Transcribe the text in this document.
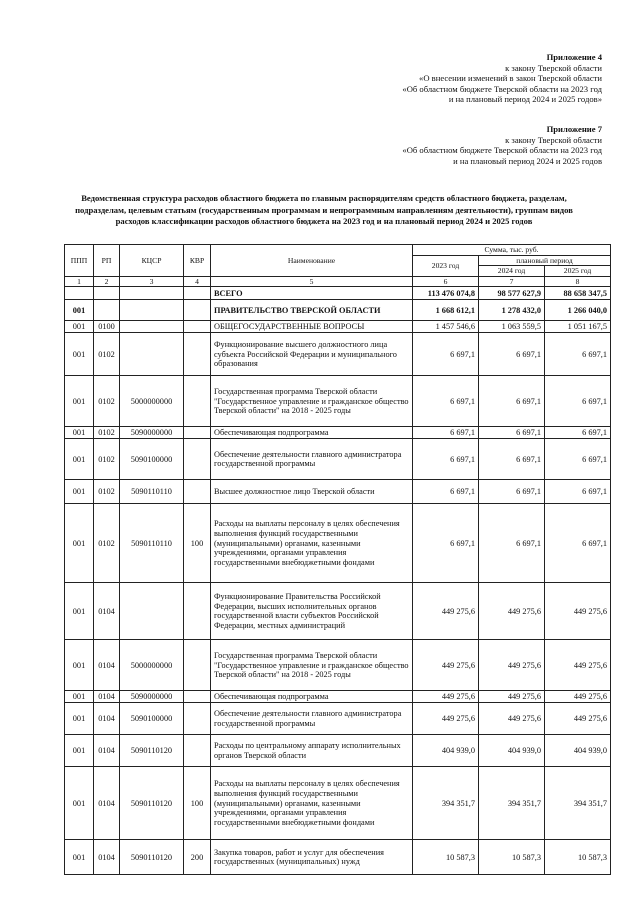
Приложение 4
к закону Тверской области
«О внесении изменений в закон Тверской области
«Об областном бюджете Тверской области на 2023 год
и на плановый период 2024 и 2025 годов»
Приложение 7
к закону Тверской области
«Об областном бюджете Тверской области на 2023 год
и на плановый период 2024 и 2025 годов
Ведомственная структура расходов областного бюджета по главным распорядителям средств областного бюджета, разделам,
подразделам, целевым статьям (государственным программам и непрограммным направлениям деятельности), группам видов
расходов классификации расходов областного бюджета на 2023 год и на плановый период 2024 и 2025 годов
ППП	РП	КЦСР	КВР	Наименование	Сумма, тыс. руб.		
					2023 год	плановый период	
						2024 год	2025 год
1	2	3	4	5	6	7	8
				ВСЕГО	113 476 074,8	98 577 627,9	88 658 347,5
001				ПРАВИТЕЛЬСТВО ТВЕРСКОЙ ОБЛАСТИ	1 668 612,1	1 278 432,0	1 266 040,0
001	0100			ОБЩЕГОСУДАРСТВЕННЫЕ ВОПРОСЫ	1 457 546,6	1 063 559,5	1 051 167,5
001	0102			Функционирование высшего должностного лица субъекта Российской Федерации и муниципального образования	6 697,1	6 697,1	6 697,1
001	0102	5000000000		Государственная программа Тверской области "Государственное управление и гражданское общество Тверской области" на 2018 - 2025 годы	6 697,1	6 697,1	6 697,1
001	0102	5090000000		Обеспечивающая подпрограмма	6 697,1	6 697,1	6 697,1
001	0102	5090100000		Обеспечение деятельности главного администратора государственной программы	6 697,1	6 697,1	6 697,1
001	0102	5090110110		Высшее должностное лицо Тверской области	6 697,1	6 697,1	6 697,1
001	0102	5090110110	100	Расходы на выплаты персоналу в целях обеспечения выполнения функций государственными (муниципальными) органами, казенными учреждениями, органами управления государственными внебюджетными фондами	6 697,1	6 697,1	6 697,1
001	0104			Функционирование Правительства Российской Федерации, высших исполнительных органов государственной власти субъектов Российской Федерации, местных администраций	449 275,6	449 275,6	449 275,6
001	0104	5000000000		Государственная программа Тверской области "Государственное управление и гражданское общество Тверской области" на 2018 - 2025 годы	449 275,6	449 275,6	449 275,6
001	0104	5090000000		Обеспечивающая подпрограмма	449 275,6	449 275,6	449 275,6
001	0104	5090100000		Обеспечение деятельности главного администратора государственной программы	449 275,6	449 275,6	449 275,6
001	0104	5090110120		Расходы по центральному аппарату исполнительных органов Тверской области	404 939,0	404 939,0	404 939,0
001	0104	5090110120	100	Расходы на выплаты персоналу в целях обеспечения выполнения функций государственными (муниципальными) органами, казенными учреждениями, органами управления государственными внебюджетными фондами	394 351,7	394 351,7	394 351,7
001	0104	5090110120	200	Закупка товаров, работ и услуг для обеспечения государственных (муниципальных) нужд	10 587,3	10 587,3	10 587,3
